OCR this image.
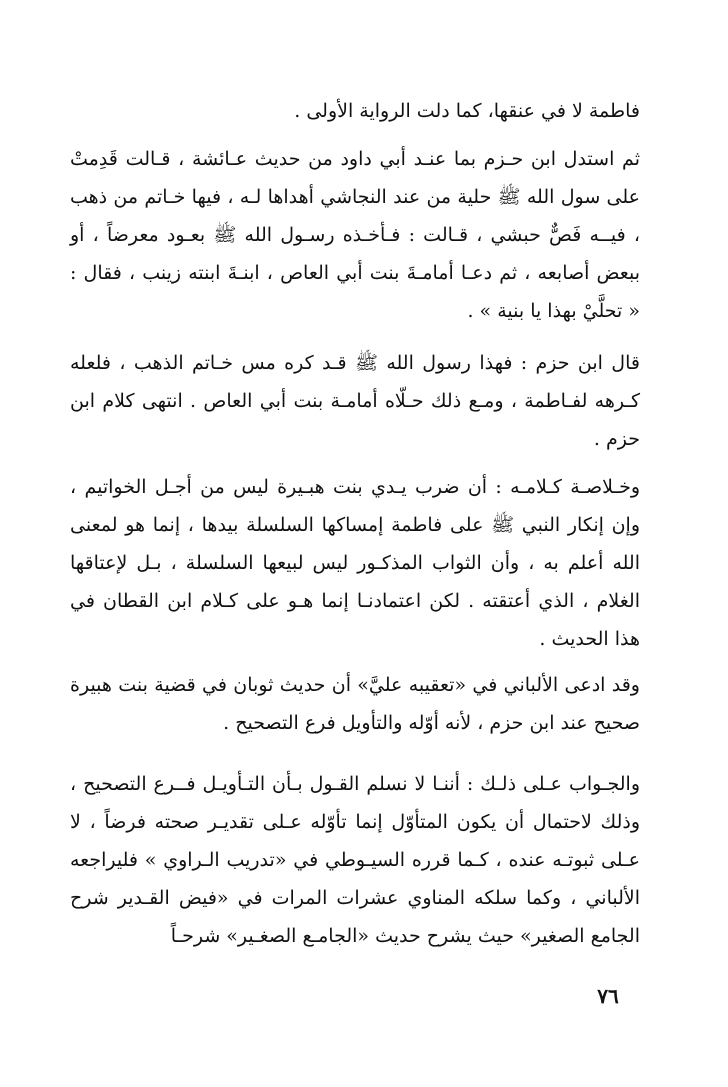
فاطمة لا في عنقها، كما دلت الرواية الأولى .

ثم استدل ابن حـزم بما عنـد أبي داود من حديث عـائشة ، قـالت قَدِمتْ على سول الله ﷺ حلية من عند النجاشي أهداها لـه ، فيها خـاتم من ذهب ، فيــه فَصٌّ حبشي ، قـالت : فـأخـذه رسـول الله ﷺ بعـود معرضاً ، أو ببعض أصابعه ، ثم دعـا أمامـةَ بنت أبي العاص ، ابنـةَ ابنته زينب ، فقال : « تحلَّيْ بهذا يا بنية » .

قال ابن حزم : فهذا رسول الله ﷺ قـد كره مس خـاتم الذهب ، فلعله كـرهه لفـاطمة ، ومـع ذلك حـلّاه أمامـة بنت أبي العاص . انتهى كلام ابن حزم .

وخـلاصـة كـلامـه : أن ضرب يـدي بنت هبـيرة ليس من أجـل الخواتيم ، وإن إنكار النبي ﷺ على فاطمة إمساكها السلسلة بيدها ، إنما هو لمعنى الله أعلم به ، وأن الثواب المذكـور ليس لبيعها السلسلة ، بـل لإعتاقها الغلام ، الذي أعتقته . لكن اعتمادنـا إنما هـو على كـلام ابن القطان في هذا الحديث .

وقد ادعى الألباني في «تعقيبه عليَّ» أن حديث ثوبان في قضية بنت هبيرة صحيح عند ابن حزم ، لأنه أوّله والتأويل فرع التصحيح .

والجـواب عـلى ذلـك : أننـا لا نسلم القـول بـأن التـأويـل فــرع التصحيح ، وذلك لاحتمال أن يكون المتأوّل إنما تأوّله عـلى تقديـر صحته فرضاً ، لا عـلى ثبوتـه عنده ، كـما قرره السيـوطي في «تدريب الـراوي » فليراجعه الألباني ، وكما سلكه المناوي عشرات المرات في «فيض القـدير شرح الجامع الصغير» حيث يشرح حديث «الجامـع الصغـير» شرحـاً

٧٦
